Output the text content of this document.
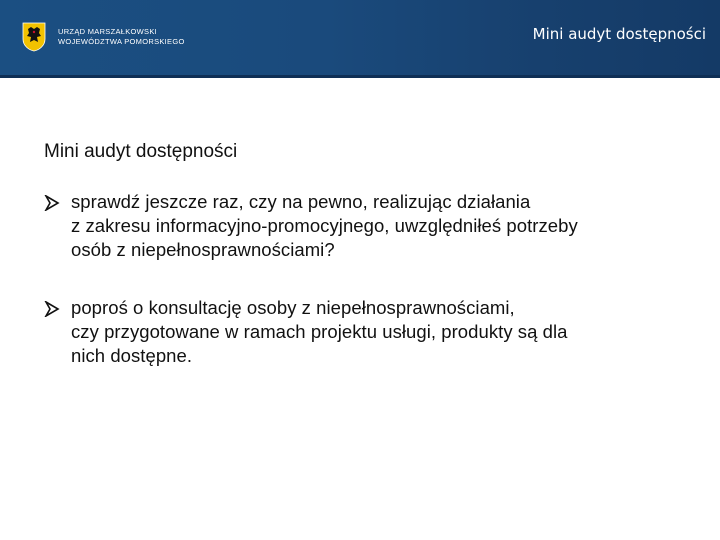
URZĄD MARSZAŁKOWSKI
WOJEWÓDZTWA POMORSKIEGO	Mini audyt dostępności
Mini audyt dostępności
sprawdź jeszcze raz, czy na pewno, realizując działania
z zakresu informacyjno-promocyjnego, uwzględniłeś potrzeby
osób z niepełnosprawnościami?
poproś o konsultację osoby z niepełnosprawnościami,
czy przygotowane w ramach projektu usługi, produkty są dla
nich dostępne.
